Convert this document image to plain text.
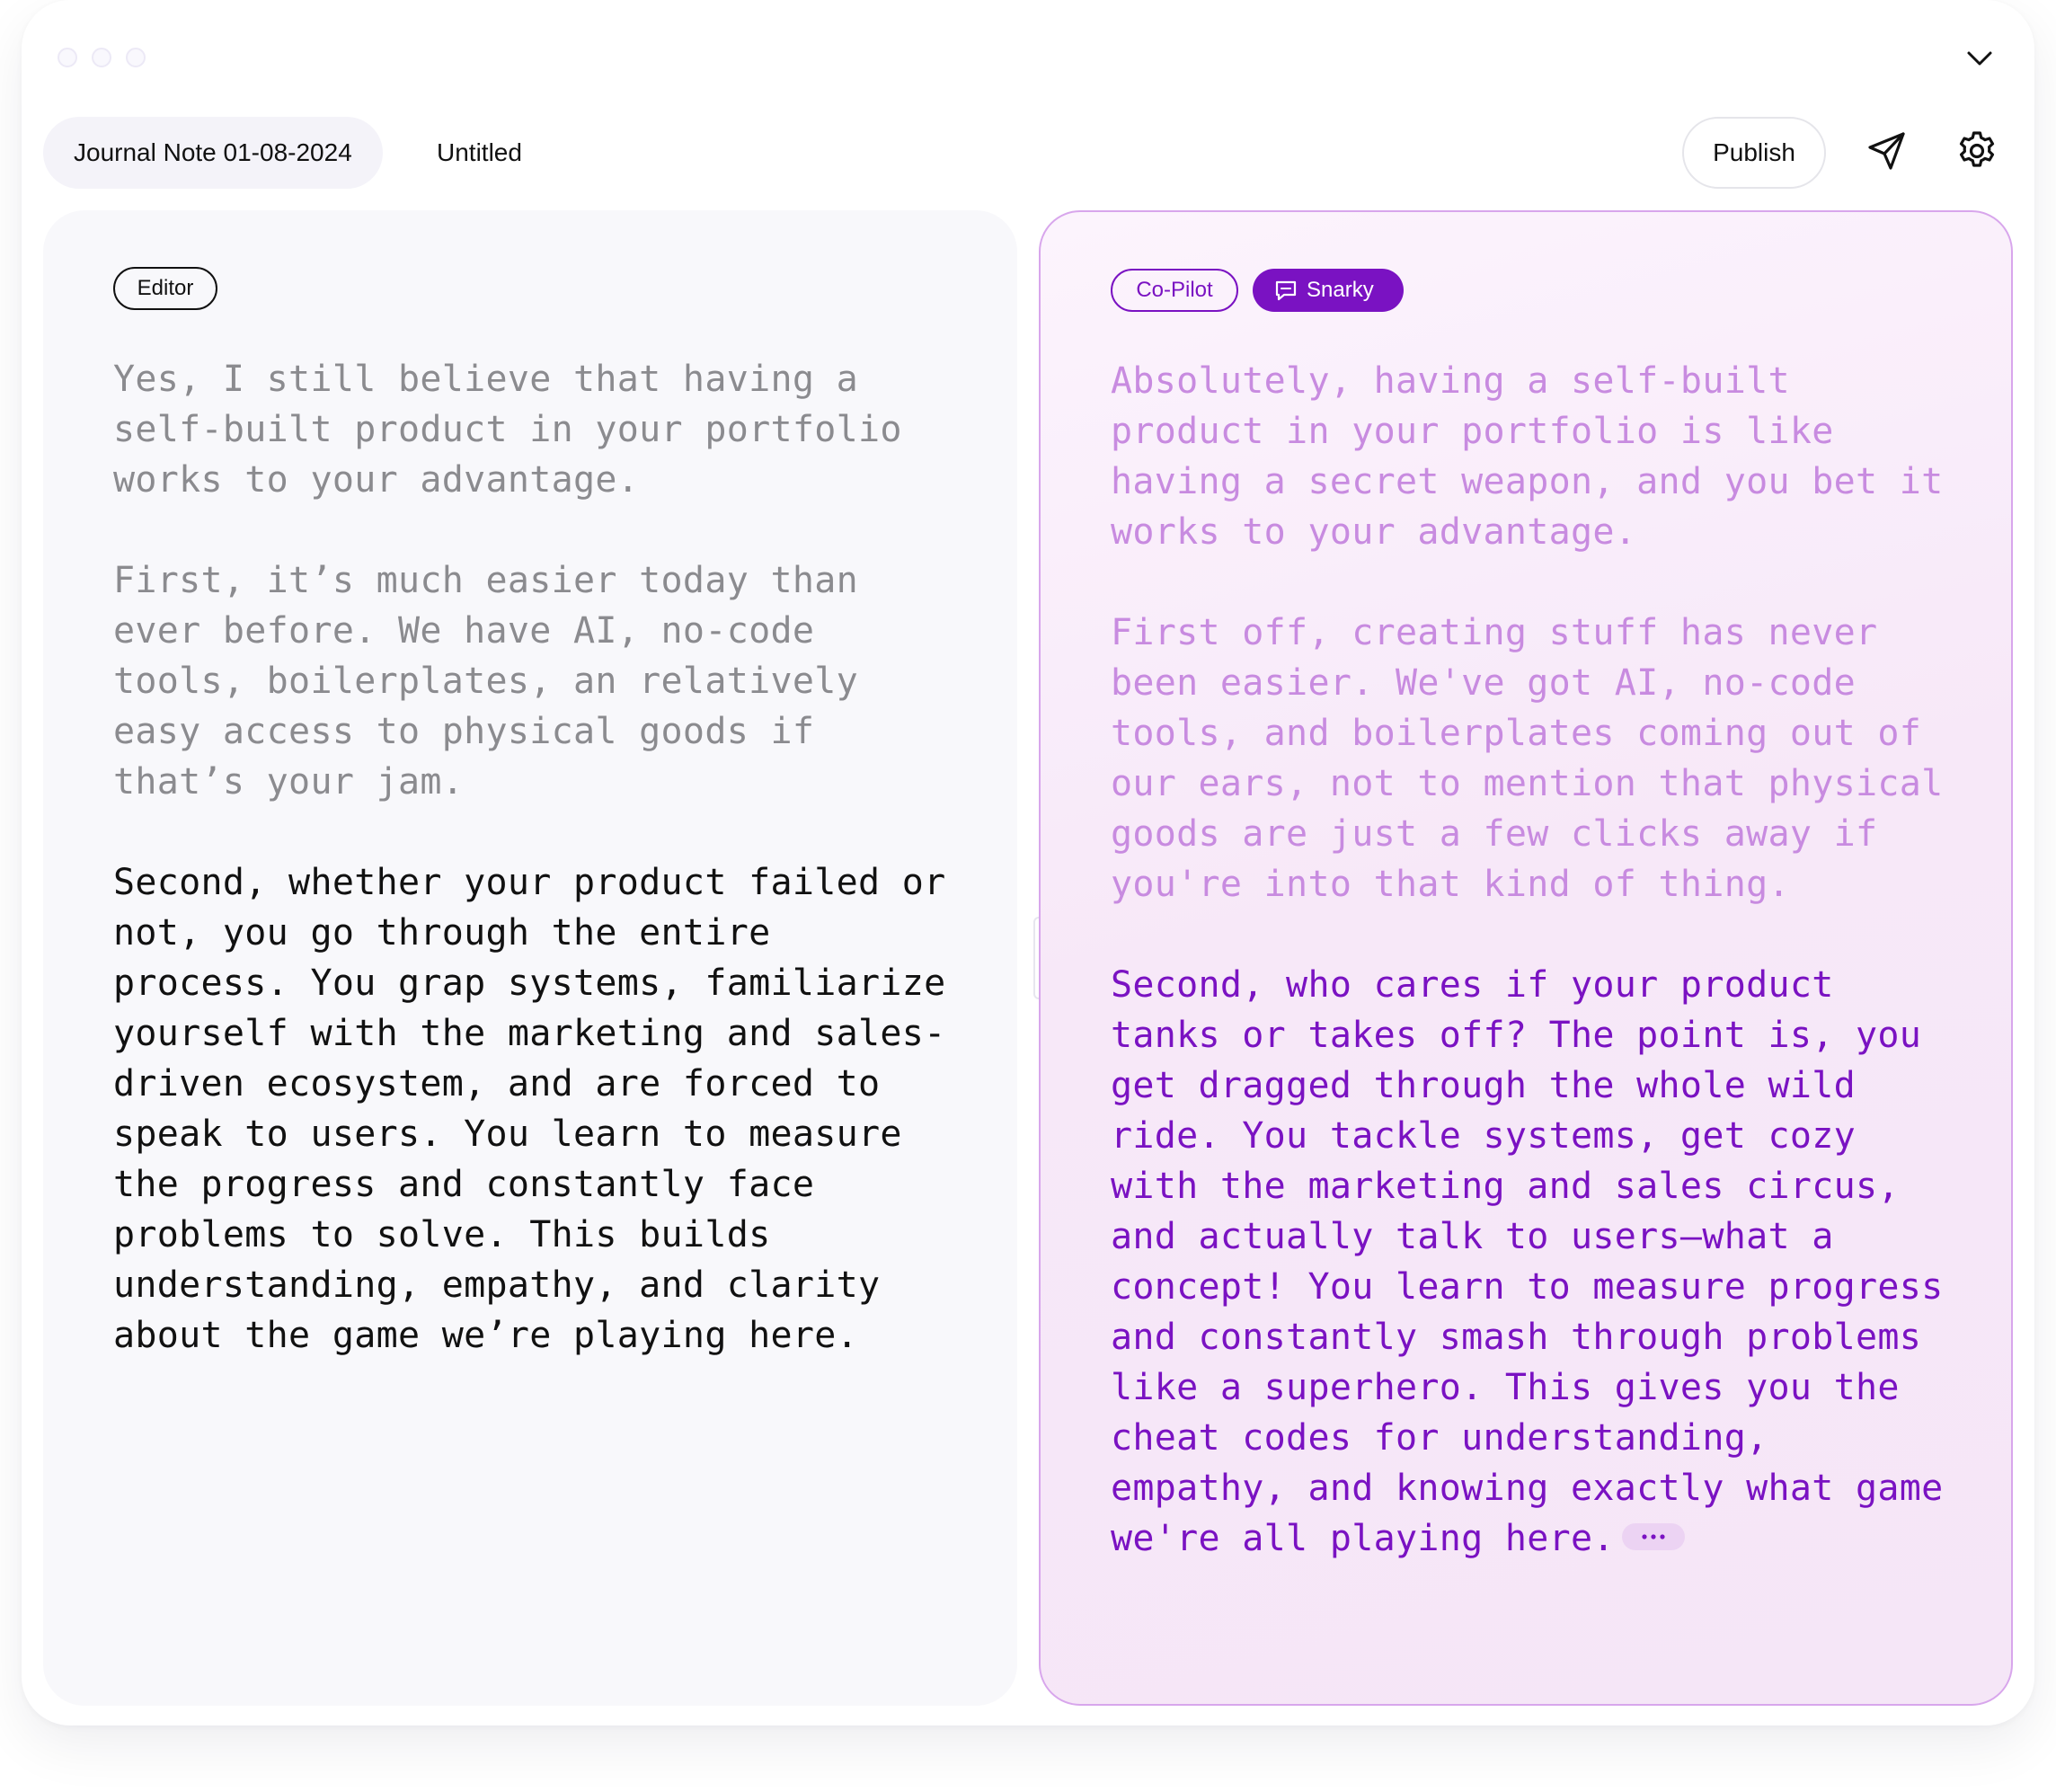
Journal Note 01-08-2024	Untitled	Publish
Editor

Yes, I still believe that having a
self-built product in your portfolio
works to your advantage.

First, it’s much easier today than
ever before. We have AI, no-code
tools, boilerplates, an relatively
easy access to physical goods if
that’s your jam.

Second, whether your product failed or
not, you go through the entire
process. You grap systems, familiarize
yourself with the marketing and sales-
driven ecosystem, and are forced to
speak to users. You learn to measure
the progress and constantly face
problems to solve. This builds
understanding, empathy, and clarity
about the game we’re playing here.

Co-Pilot	Snarky

Absolutely, having a self-built
product in your portfolio is like
having a secret weapon, and you bet it
works to your advantage.

First off, creating stuff has never
been easier. We've got AI, no-code
tools, and boilerplates coming out of
our ears, not to mention that physical
goods are just a few clicks away if
you're into that kind of thing.

Second, who cares if your product
tanks or takes off? The point is, you
get dragged through the whole wild
ride. You tackle systems, get cozy
with the marketing and sales circus,
and actually talk to users—what a
concept! You learn to measure progress
and constantly smash through problems
like a superhero. This gives you the
cheat codes for understanding,
empathy, and knowing exactly what game
we're all playing here.
